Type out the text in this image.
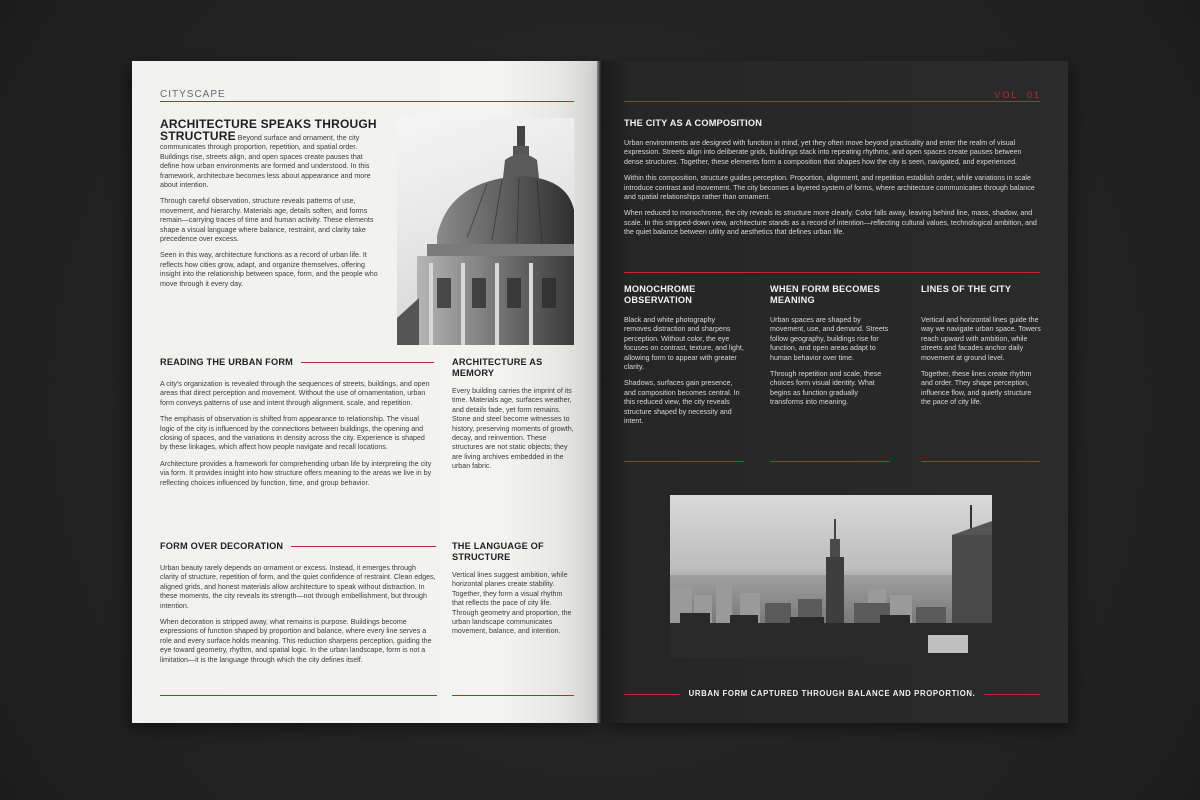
CITYSCAPE
ARCHITECTURE SPEAKS THROUGH
STRUCTURE Beyond surface and ornament, the city communicates through proportion, repetition, and spatial order. Buildings rise, streets align, and open spaces create pauses that define how urban environments are formed and understood. In this framework, architecture becomes less about appearance and more about intention.

Through careful observation, structure reveals patterns of use, movement, and hierarchy. Materials age, details soften, and forms remain—carrying traces of time and human activity. These elements shape a visual language where balance, restraint, and clarity take precedence over excess.

Seen in this way, architecture functions as a record of urban life. It reflects how cities grow, adapt, and organize themselves, offering insight into the relationship between space, form, and the people who move through it every day.

READING THE URBAN FORM

A city's organization is revealed through the sequences of streets, buildings, and open areas that direct perception and movement. Without the use of ornamentation, urban form conveys patterns of use and intent through alignment, scale, and repetition.

The emphasis of observation is shifted from appearance to relationship. The visual logic of the city is influenced by the connections between buildings, the opening and closing of spaces, and the variations in density across the city. Experience is shaped by these linkages, which affect how people navigate and recall locations.

Architecture provides a framework for comprehending urban life by interpreting the city via form. It provides insight into how structure offers meaning to the areas we live in by reflecting choices influenced by function, time, and group behavior.

ARCHITECTURE AS
MEMORY

Every building carries the imprint of its time. Materials age, surfaces weather, and details fade, yet form remains. Stone and steel become witnesses to history, preserving moments of growth, decay, and reinvention. These structures are not static objects; they are living archives embedded in the urban fabric.

FORM OVER DECORATION

Urban beauty rarely depends on ornament or excess. Instead, it emerges through clarity of structure, repetition of form, and the quiet confidence of restraint. Clean edges, aligned grids, and honest materials allow architecture to speak without distraction. In these moments, the city reveals its strength—not through embellishment, but through intention.

When decoration is stripped away, what remains is purpose. Buildings become expressions of function shaped by proportion and balance, where every line serves a role and every surface holds meaning. This reduction sharpens perception, guiding the eye toward geometry, rhythm, and spatial logic. In the urban landscape, form is not a limitation—it is the language through which the city defines itself.

THE LANGUAGE OF
STRUCTURE

Vertical lines suggest ambition, while horizontal planes create stability. Together, they form a visual rhythm that reflects the pace of city life. Through geometry and proportion, the urban landscape communicates movement, balance, and intention.

VOL  01
THE CITY AS A COMPOSITION

Urban environments are designed with function in mind, yet they often move beyond practicality and enter the realm of visual expression. Streets align into deliberate grids, buildings stack into repeating rhythms, and open spaces create pauses between dense structures. Together, these elements form a composition that shapes how the city is seen, navigated, and experienced.

Within this composition, structure guides perception. Proportion, alignment, and repetition establish order, while variations in scale introduce contrast and movement. The city becomes a layered system of forms, where architecture communicates through balance and spatial relationships rather than ornament.

When reduced to monochrome, the city reveals its structure more clearly. Color falls away, leaving behind line, mass, shadow, and scale. In this stripped-down view, architecture stands as a record of intention—reflecting cultural values, technological ambition, and the quiet balance between utility and aesthetics that defines urban life.

MONOCHROME
OBSERVATION

Black and white photography removes distraction and sharpens perception. Without color, the eye focuses on contrast, texture, and light, allowing form to appear with greater clarity.

Shadows, surfaces gain presence, and composition becomes central. In this reduced view, the city reveals structure shaped by necessity and intent.

WHEN FORM BECOMES
MEANING

Urban spaces are shaped by movement, use, and demand. Streets follow geography, buildings rise for function, and open areas adapt to human behavior over time.

Through repetition and scale, these choices form visual identity. What begins as function gradually transforms into meaning.

LINES OF THE CITY

Vertical and horizontal lines guide the way we navigate urban space. Towers reach upward with ambition, while streets and facades anchor daily movement at ground level.

Together, these lines create rhythm and order. They shape perception, influence flow, and quietly structure the pace of city life.

URBAN FORM CAPTURED THROUGH BALANCE AND PROPORTION.
